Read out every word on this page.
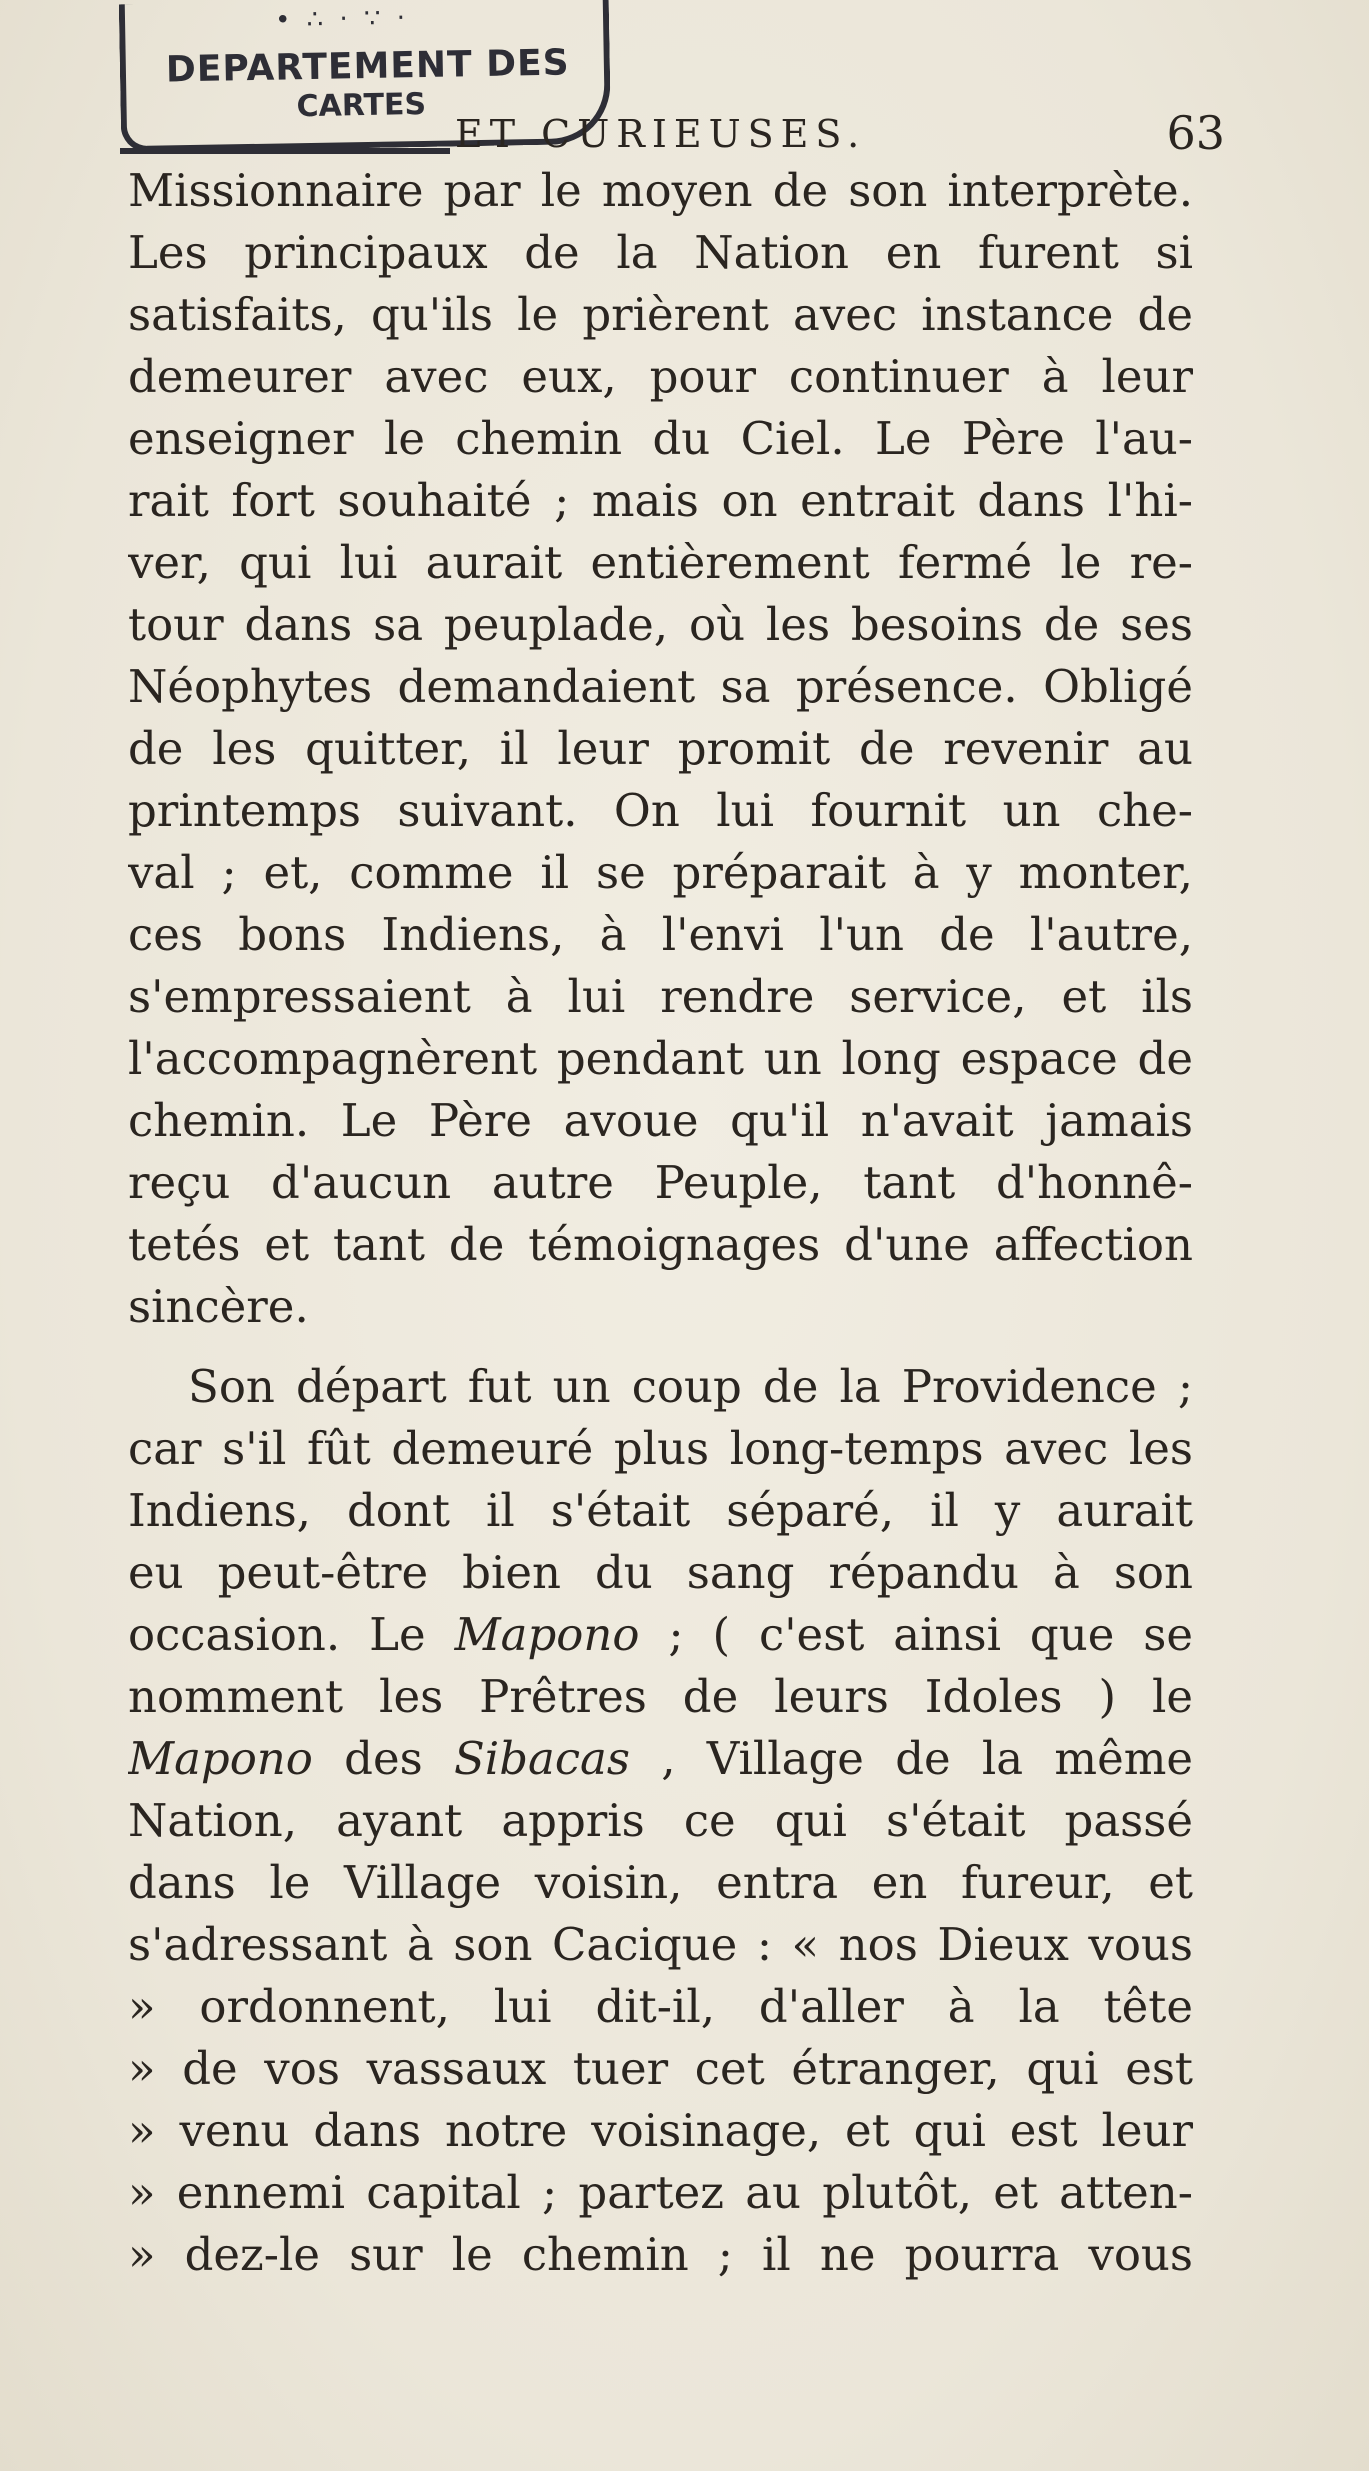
• ∴ · ∵ ·
DEPARTEMENT DES
CARTES
ET CURIEUSES.	63
Missionnaire par le moyen de son interprète.
Les principaux de la Nation en furent si
satisfaits, qu'ils le prièrent avec instance de
demeurer avec eux, pour continuer à leur
enseigner le chemin du Ciel. Le Père l'au-
rait fort souhaité ; mais on entrait dans l'hi-
ver, qui lui aurait entièrement fermé le re-
tour dans sa peuplade, où les besoins de ses
Néophytes demandaient sa présence. Obligé
de les quitter, il leur promit de revenir au
printemps suivant. On lui fournit un che-
val ; et, comme il se préparait à y monter,
ces bons Indiens, à l'envi l'un de l'autre,
s'empressaient à lui rendre service, et ils
l'accompagnèrent pendant un long espace de
chemin. Le Père avoue qu'il n'avait jamais
reçu d'aucun autre Peuple, tant d'honnê-
tetés et tant de témoignages d'une affection
sincère.
Son départ fut un coup de la Providence ;
car s'il fût demeuré plus long-temps avec les
Indiens, dont il s'était séparé, il y aurait
eu peut-être bien du sang répandu à son
occasion. Le Mapono ; ( c'est ainsi que se
nomment les Prêtres de leurs Idoles ) le
Mapono des Sibacas , Village de la même
Nation, ayant appris ce qui s'était passé
dans le Village voisin, entra en fureur, et
s'adressant à son Cacique : « nos Dieux vous
» ordonnent, lui dit-il, d'aller à la tête
» de vos vassaux tuer cet étranger, qui est
» venu dans notre voisinage, et qui est leur
» ennemi capital ; partez au plutôt, et atten-
» dez-le sur le chemin ; il ne pourra vous
